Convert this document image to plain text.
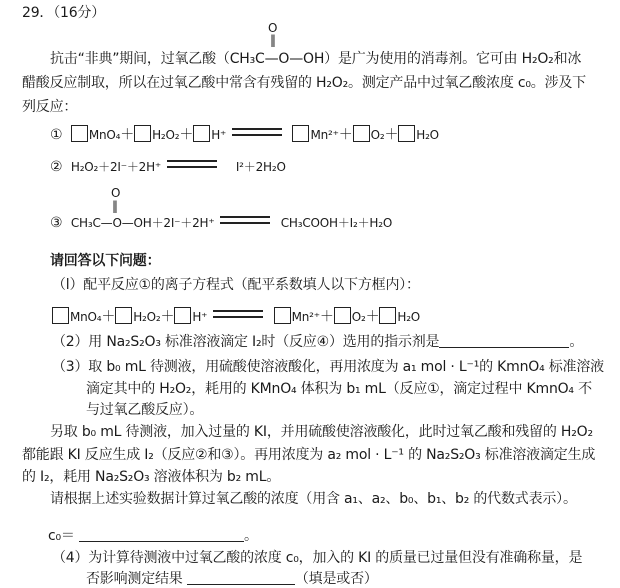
29．（16分）
O
‖
抗击“非典”期间，过氧乙酸（CH₃C—O—OH）是广为使用的消毒剂。它可由 H₂O₂和冰
醋酸反应制取，所以在过氧乙酸中常含有残留的 H₂O₂。测定产品中过氧乙酸浓度 c₀。涉及下
列反应：
① MnO₄＋ H₂O₂＋ H⁺	Mn²⁺＋ O₂＋ H₂O
② H₂O₂＋2I⁻＋2H⁺	I²＋2H₂O
O
‖
③ CH₃C—O—OH＋2I⁻＋2H⁺	CH₃COOH＋I₂＋H₂O
请回答以下问题：
（l）配平反应①的离子方程式（配平系数填人以下方框内）：
MnO₄＋ H₂O₂＋ H⁺	Mn²⁺＋ O₂＋ H₂O
（2）用 Na₂S₂O₃ 标准溶液滴定 I₂时（反应④）选用的指示剂是	。
（3）取 b₀ mL 待测液，用硫酸使溶液酸化，再用浓度为 a₁ mol · L⁻¹的 KmnO₄ 标准溶液
滴定其中的 H₂O₂，耗用的 KMnO₄ 体积为 b₁ mL（反应①，滴定过程中 KmnO₄ 不
与过氧乙酸反应）。
另取 b₀ mL 待测液，加入过量的 KI，并用硫酸使溶液酸化，此时过氧乙酸和残留的 H₂O₂
都能跟 KI 反应生成 I₂（反应②和③）。再用浓度为 a₂ mol · L⁻¹ 的 Na₂S₂O₃ 标准溶液滴定生成
的 I₂，耗用 Na₂S₂O₃ 溶液体积为 b₂ mL。
请根据上述实验数据计算过氧乙酸的浓度（用含 a₁、a₂、b₀、b₁、b₂ 的代数式表示）。
c₀＝	。
（4）为计算待测液中过氧乙酸的浓度 c₀，加入的 KI 的质量已过量但没有准确称量，是
否影响测定结果	（填是或否）
